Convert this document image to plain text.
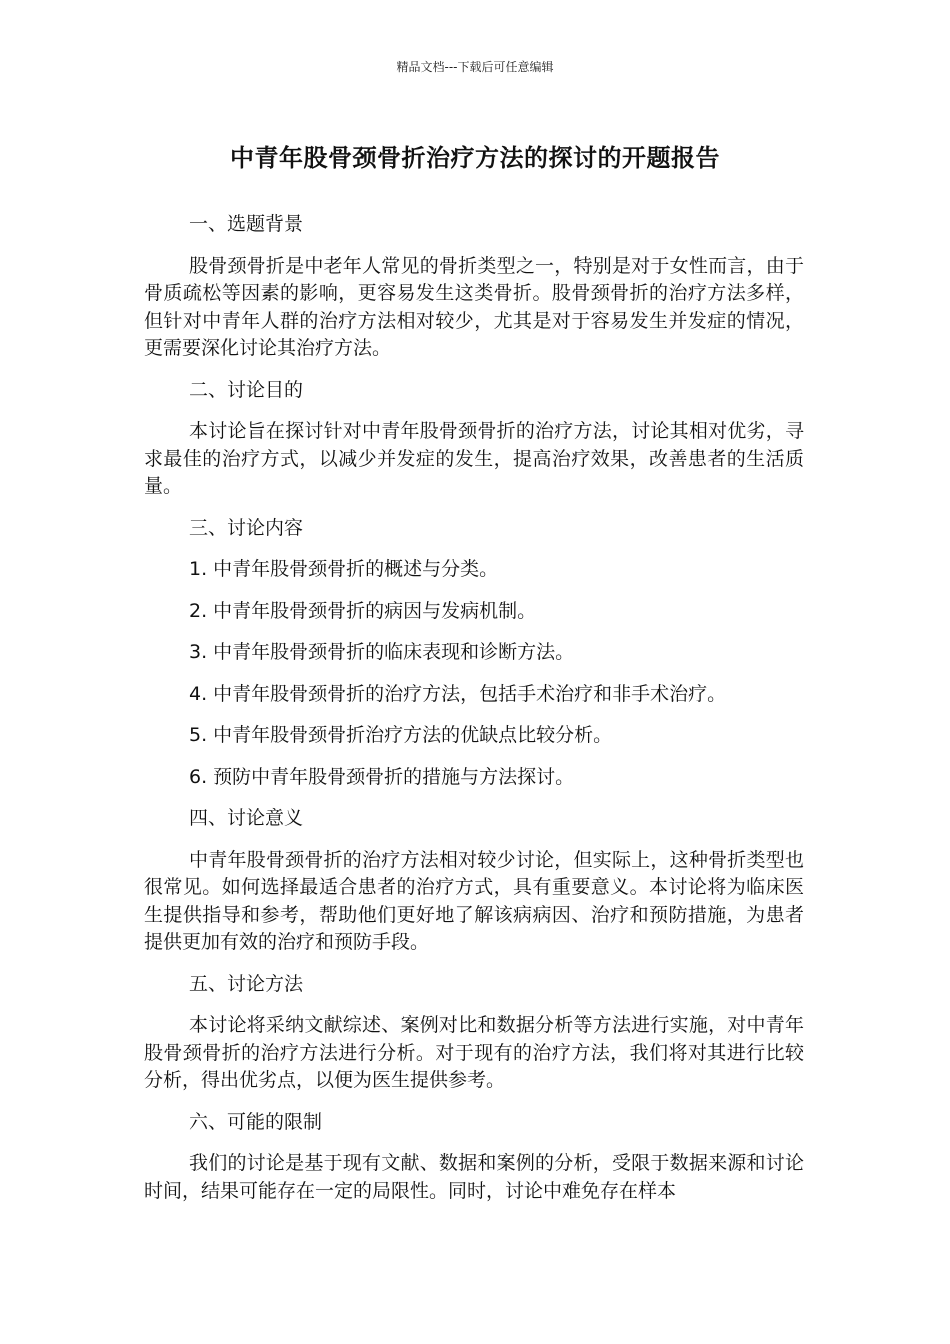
精品文档---下载后可任意编辑
中青年股骨颈骨折治疗方法的探讨的开题报告

一、选题背景

股骨颈骨折是中老年人常见的骨折类型之一，特别是对于女性而言，由于骨质疏松等因素的影响，更容易发生这类骨折。股骨颈骨折的治疗方法多样，但针对中青年人群的治疗方法相对较少，尤其是对于容易发生并发症的情况，更需要深化讨论其治疗方法。

二、讨论目的

本讨论旨在探讨针对中青年股骨颈骨折的治疗方法，讨论其相对优劣，寻求最佳的治疗方式，以减少并发症的发生，提高治疗效果，改善患者的生活质量。

三、讨论内容

1. 中青年股骨颈骨折的概述与分类。

2. 中青年股骨颈骨折的病因与发病机制。

3. 中青年股骨颈骨折的临床表现和诊断方法。

4. 中青年股骨颈骨折的治疗方法，包括手术治疗和非手术治疗。

5. 中青年股骨颈骨折治疗方法的优缺点比较分析。

6. 预防中青年股骨颈骨折的措施与方法探讨。

四、讨论意义

中青年股骨颈骨折的治疗方法相对较少讨论，但实际上，这种骨折类型也很常见。如何选择最适合患者的治疗方式，具有重要意义。本讨论将为临床医生提供指导和参考，帮助他们更好地了解该病病因、治疗和预防措施，为患者提供更加有效的治疗和预防手段。

五、讨论方法

本讨论将采纳文献综述、案例对比和数据分析等方法进行实施，对中青年股骨颈骨折的治疗方法进行分析。对于现有的治疗方法，我们将对其进行比较分析，得出优劣点，以便为医生提供参考。

六、可能的限制

我们的讨论是基于现有文献、数据和案例的分析，受限于数据来源和讨论时间，结果可能存在一定的局限性。同时，讨论中难免存在样本
